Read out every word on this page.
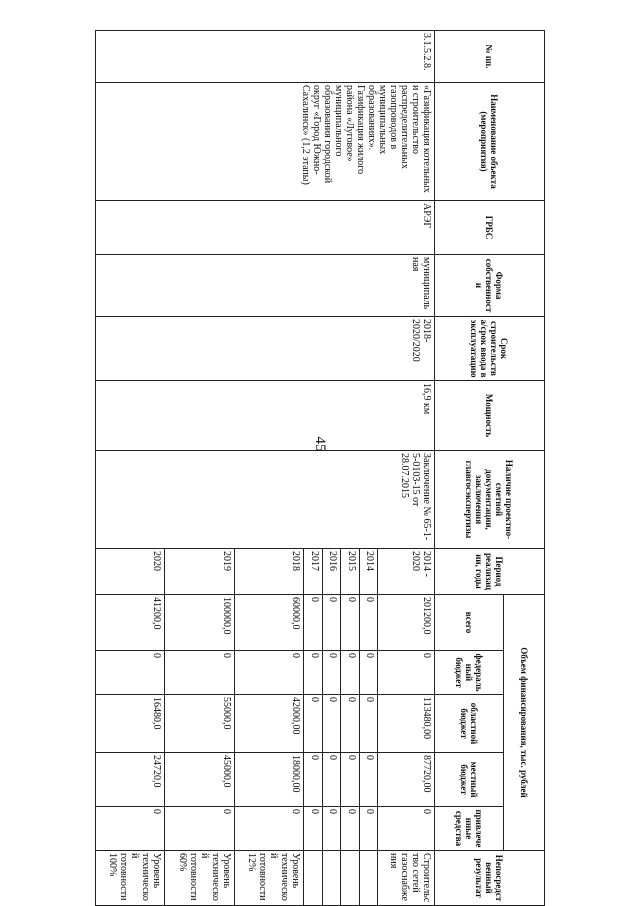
45
№ пп.	Наименование объекта (мероприятия)	ГРБС	Форма собственности	Срок строительства/срок ввода в эксплуатацию	Мощность	Наличие проектно-сметной документации, заключения главгосэкспертизы	Период реализации, годы	Объем финансирования, тыс. рублей					Непосредственный результат
								всего	федеральный бюджет	областной бюджет	местный бюджет	привлеченные средства	
3.1.5.2.8.	«Газификация котельных и строительство распределительных газопроводов в муниципальных образованиях». Газификация жилого района «Луговое» муниципального образования городской округ «Город Южно-Сахалинск» (1,2 этапы)	АРЭГ	муниципальная	2018-2020/2020	16,9 км	Заключение № 65-1-5-0103-15 от 28.07.2015	2014 - 2020	201200,0	0	113480,00	87720,00	0	Строительство сетей газоснабжения
							2014	0	0	0	0	0	
							2015	0	0	0	0	0	
							2016	0	0	0	0	0	
							2017	0	0	0	0	0	
							2018	60000,0	0	42000,00	18000,00	0	Уровень технической готовности 12%
							2019	100000,0	0	55000,0	45000,0	0	Уровень технической готовности 60%
							2020	41200,0	0	16480,0	24720,0	0	Уровень технической готовности 100%
